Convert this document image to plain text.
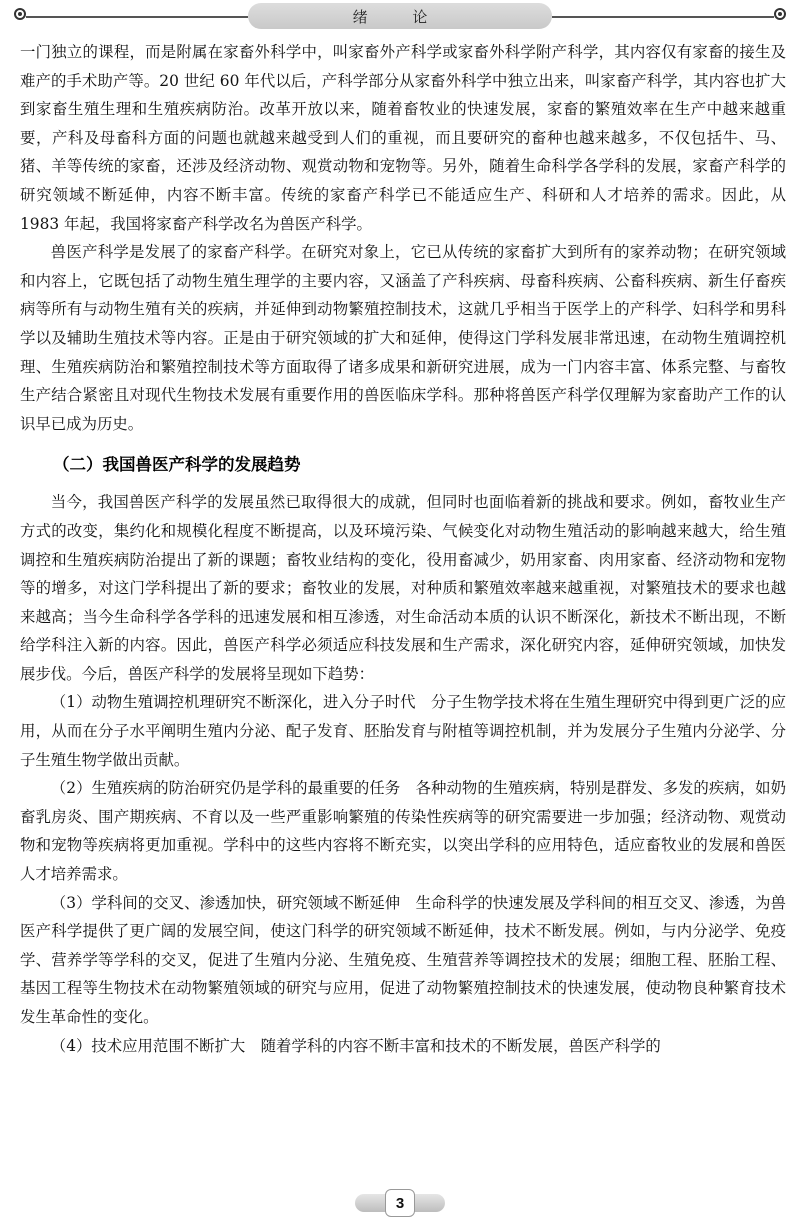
绪 论

一门独立的课程，而是附属在家畜外科学中，叫家畜外产科学或家畜外科学附产科学，其内容仅有家畜的接生及难产的手术助产等。20 世纪 60 年代以后，产科学部分从家畜外科学中独立出来，叫家畜产科学，其内容也扩大到家畜生殖生理和生殖疾病防治。改革开放以来，随着畜牧业的快速发展，家畜的繁殖效率在生产中越来越重要，产科及母畜科方面的问题也就越来越受到人们的重视，而且要研究的畜种也越来越多，不仅包括牛、马、猪、羊等传统的家畜，还涉及经济动物、观赏动物和宠物等。另外，随着生命科学各学科的发展，家畜产科学的研究领域不断延伸，内容不断丰富。传统的家畜产科学已不能适应生产、科研和人才培养的需求。因此，从 1983 年起，我国将家畜产科学改名为兽医产科学。

兽医产科学是发展了的家畜产科学。在研究对象上，它已从传统的家畜扩大到所有的家养动物；在研究领域和内容上，它既包括了动物生殖生理学的主要内容，又涵盖了产科疾病、母畜科疾病、公畜科疾病、新生仔畜疾病等所有与动物生殖有关的疾病，并延伸到动物繁殖控制技术，这就几乎相当于医学上的产科学、妇科学和男科学以及辅助生殖技术等内容。正是由于研究领域的扩大和延伸，使得这门学科发展非常迅速，在动物生殖调控机理、生殖疾病防治和繁殖控制技术等方面取得了诸多成果和新研究进展，成为一门内容丰富、体系完整、与畜牧生产结合紧密且对现代生物技术发展有重要作用的兽医临床学科。那种将兽医产科学仅理解为家畜助产工作的认识早已成为历史。

（二）我国兽医产科学的发展趋势

当今，我国兽医产科学的发展虽然已取得很大的成就，但同时也面临着新的挑战和要求。例如，畜牧业生产方式的改变，集约化和规模化程度不断提高，以及环境污染、气候变化对动物生殖活动的影响越来越大，给生殖调控和生殖疾病防治提出了新的课题；畜牧业结构的变化，役用畜减少，奶用家畜、肉用家畜、经济动物和宠物等的增多，对这门学科提出了新的要求；畜牧业的发展，对种质和繁殖效率越来越重视，对繁殖技术的要求也越来越高；当今生命科学各学科的迅速发展和相互渗透，对生命活动本质的认识不断深化，新技术不断出现，不断给学科注入新的内容。因此，兽医产科学必须适应科技发展和生产需求，深化研究内容，延伸研究领域，加快发展步伐。今后，兽医产科学的发展将呈现如下趋势：

（1）动物生殖调控机理研究不断深化，进入分子时代　分子生物学技术将在生殖生理研究中得到更广泛的应用，从而在分子水平阐明生殖内分泌、配子发育、胚胎发育与附植等调控机制，并为发展分子生殖内分泌学、分子生殖生物学做出贡献。

（2）生殖疾病的防治研究仍是学科的最重要的任务　各种动物的生殖疾病，特别是群发、多发的疾病，如奶畜乳房炎、围产期疾病、不育以及一些严重影响繁殖的传染性疾病等的研究需要进一步加强；经济动物、观赏动物和宠物等疾病将更加重视。学科中的这些内容将不断充实，以突出学科的应用特色，适应畜牧业的发展和兽医人才培养需求。

（3）学科间的交叉、渗透加快，研究领域不断延伸　生命科学的快速发展及学科间的相互交叉、渗透，为兽医产科学提供了更广阔的发展空间，使这门科学的研究领域不断延伸，技术不断发展。例如，与内分泌学、免疫学、营养学等学科的交叉，促进了生殖内分泌、生殖免疫、生殖营养等调控技术的发展；细胞工程、胚胎工程、基因工程等生物技术在动物繁殖领域的研究与应用，促进了动物繁殖控制技术的快速发展，使动物良种繁育技术发生革命性的变化。

（4）技术应用范围不断扩大　随着学科的内容不断丰富和技术的不断发展，兽医产科学的

3
